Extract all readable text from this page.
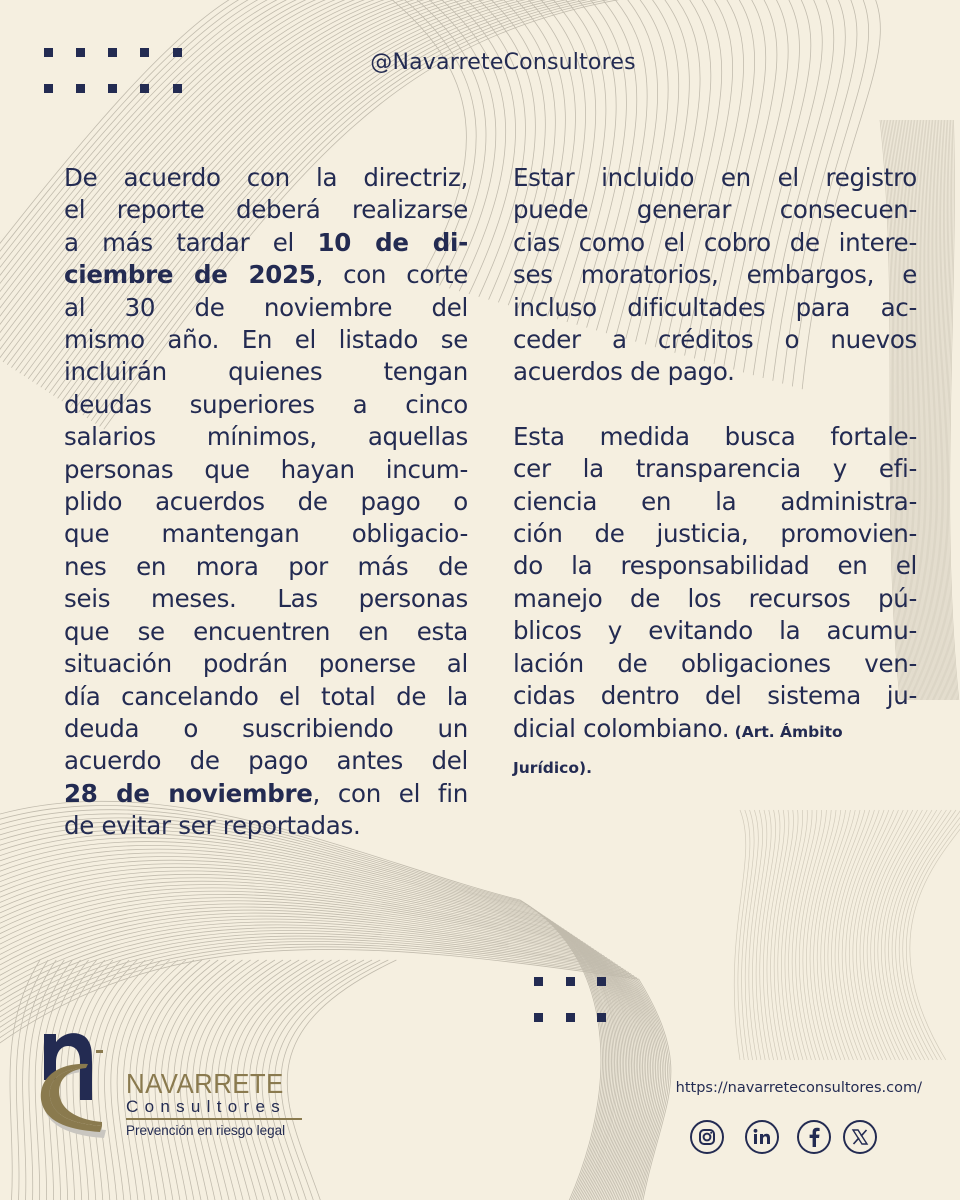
@NavarreteConsultores
De acuerdo con la directriz,
el reporte deberá realizarse
a más tardar el 10 de di-
ciembre de 2025, con corte
al 30 de noviembre del
mismo año. En el listado se
incluirán quienes tengan
deudas superiores a cinco
salarios mínimos, aquellas
personas que hayan incum-
plido acuerdos de pago o
que mantengan obligacio-
nes en mora por más de
seis meses. Las personas
que se encuentren en esta
situación podrán ponerse al
día cancelando el total de la
deuda o suscribiendo un
acuerdo de pago antes del
28 de noviembre, con el fin
de evitar ser reportadas.
Estar incluido en el registro
puede generar consecuen-
cias como el cobro de intere-
ses moratorios, embargos, e
incluso dificultades para ac-
ceder a créditos o nuevos
acuerdos de pago.
Esta medida busca fortale-
cer la transparencia y efi-
ciencia en la administra-
ción de justicia, promovien-
do la responsabilidad en el
manejo de los recursos pú-
blicos y evitando la acumu-
lación de obligaciones ven-
cidas dentro del sistema ju-
dicial colombiano. (Art. Ámbito
Jurídico).
NAVARRETE
Consultores
Prevención en riesgo legal
https://navarreteconsultores.com/
